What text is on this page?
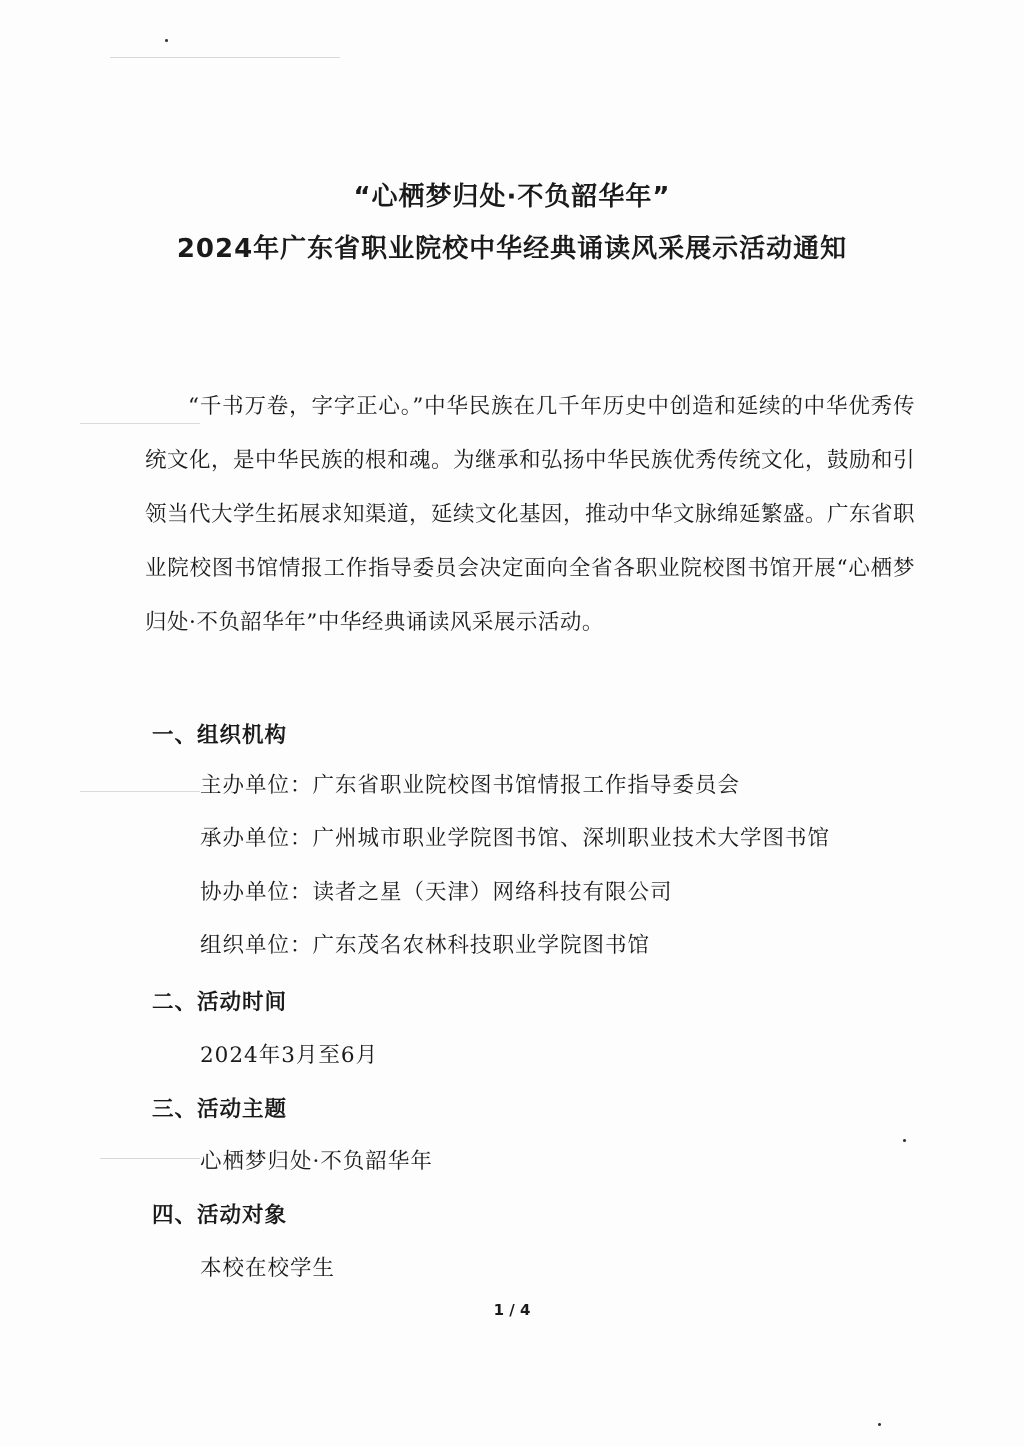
“心栖梦归处·不负韶华年”
2024年广东省职业院校中华经典诵读风采展示活动通知

“千书万卷，字字正心。”中华民族在几千年历史中创造和延续的中华优秀传统文化，是中华民族的根和魂。为继承和弘扬中华民族优秀传统文化，鼓励和引领当代大学生拓展求知渠道，延续文化基因，推动中华文脉绵延繁盛。广东省职业院校图书馆情报工作指导委员会决定面向全省各职业院校图书馆开展“心栖梦归处·不负韶华年”中华经典诵读风采展示活动。

一、组织机构
主办单位：广东省职业院校图书馆情报工作指导委员会
承办单位：广州城市职业学院图书馆、深圳职业技术大学图书馆
协办单位：读者之星（天津）网络科技有限公司
组织单位：广东茂名农林科技职业学院图书馆
二、活动时间
2024年3月至6月
三、活动主题
心栖梦归处·不负韶华年
四、活动对象
本校在校学生
1 / 4
